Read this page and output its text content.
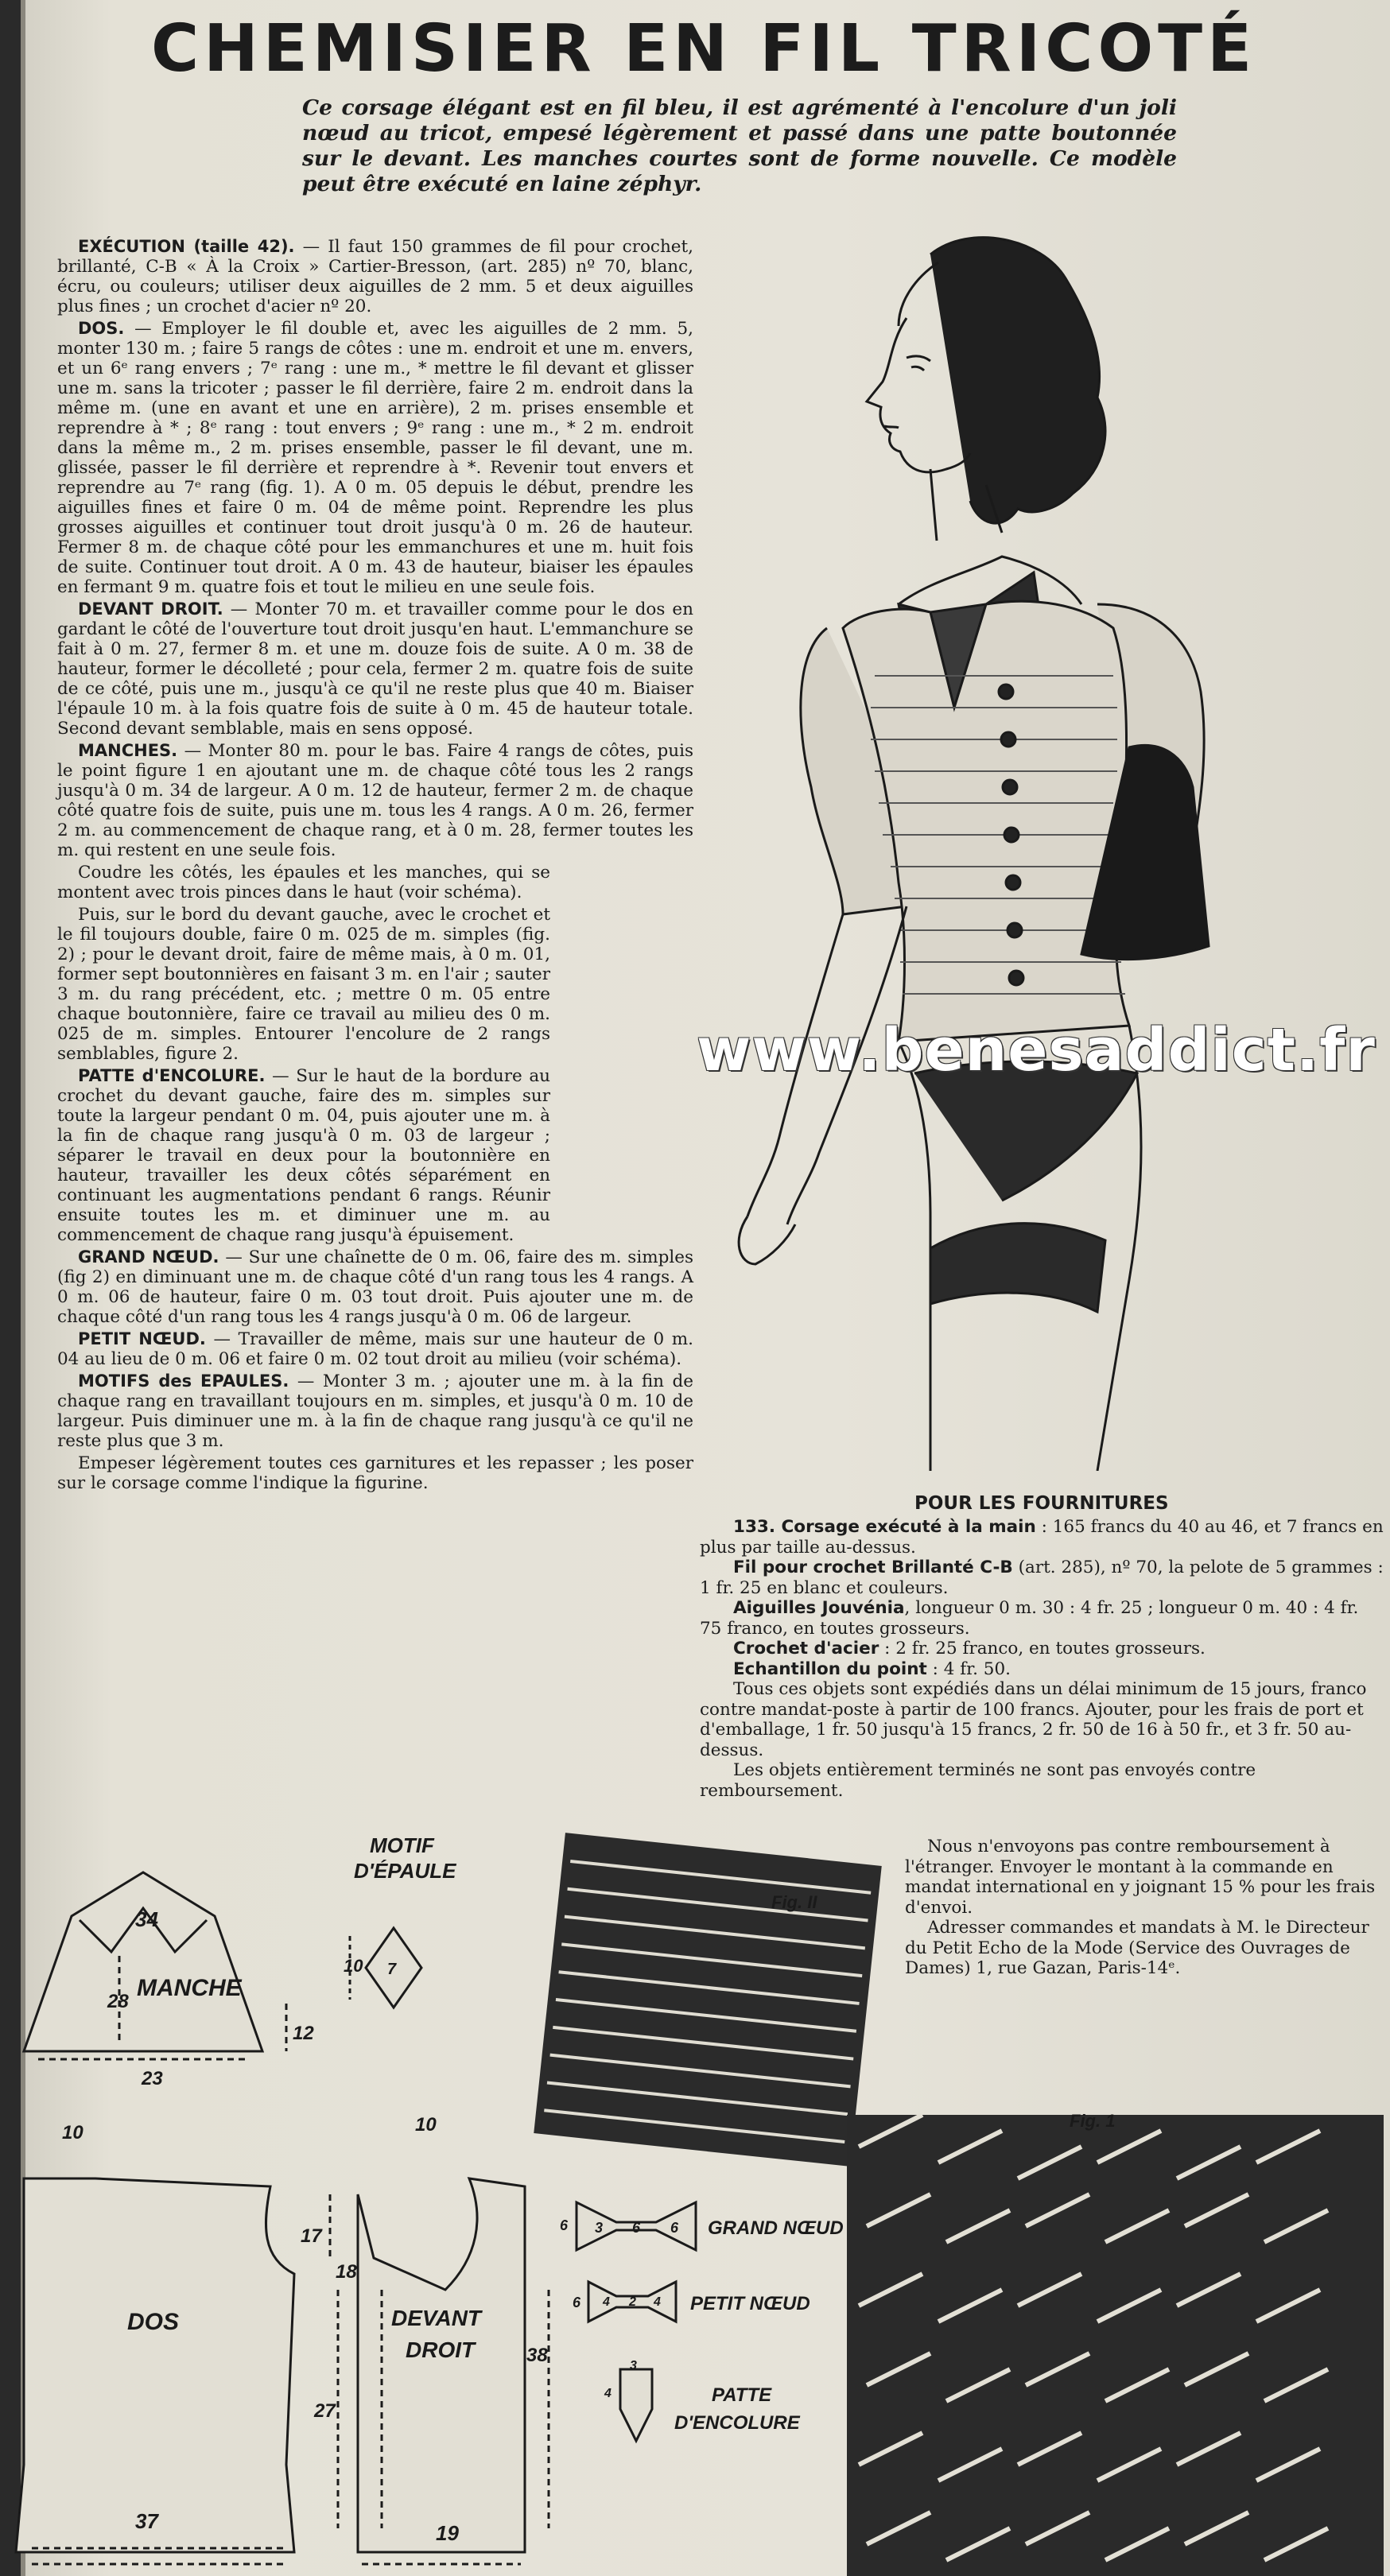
CHEMISIER EN FIL TRICOTÉ
Ce corsage élégant est en fil bleu, il est agrémenté à l'encolure d'un joli nœud au tricot, empesé légèrement et passé dans une patte boutonnée sur le devant. Les manches courtes sont de forme nouvelle. Ce modèle peut être exécuté en laine zéphyr.

EXÉCUTION (taille 42). — Il faut 150 grammes de fil pour crochet, brillanté, C-B « À la Croix » Cartier-Bresson, (art. 285) nº 70, blanc, écru, ou couleurs; utiliser deux aiguilles de 2 mm. 5 et deux aiguilles plus fines ; un crochet d'acier nº 20.

DOS. — Employer le fil double et, avec les aiguilles de 2 mm. 5, monter 130 m. ; faire 5 rangs de côtes : une m. endroit et une m. envers, et un 6ᵉ rang envers ; 7ᵉ rang : une m., * mettre le fil devant et glisser une m. sans la tricoter ; passer le fil derrière, faire 2 m. endroit dans la même m. (une en avant et une en arrière), 2 m. prises ensemble et reprendre à * ; 8ᵉ rang : tout envers ; 9ᵉ rang : une m., * 2 m. endroit dans la même m., 2 m. prises ensemble, passer le fil devant, une m. glissée, passer le fil derrière et reprendre à *. Revenir tout envers et reprendre au 7ᵉ rang (fig. 1). A 0 m. 05 depuis le début, prendre les aiguilles fines et faire 0 m. 04 de même point. Reprendre les plus grosses aiguilles et continuer tout droit jusqu'à 0 m. 26 de hauteur. Fermer 8 m. de chaque côté pour les emmanchures et une m. huit fois de suite. Continuer tout droit. A 0 m. 43 de hauteur, biaiser les épaules en fermant 9 m. quatre fois et tout le milieu en une seule fois.

DEVANT DROIT. — Monter 70 m. et travailler comme pour le dos en gardant le côté de l'ouverture tout droit jusqu'en haut. L'emmanchure se fait à 0 m. 27, fermer 8 m. et une m. douze fois de suite. A 0 m. 38 de hauteur, former le décolleté ; pour cela, fermer 2 m. quatre fois de suite de ce côté, puis une m., jusqu'à ce qu'il ne reste plus que 40 m. Biaiser l'épaule 10 m. à la fois quatre fois de suite à 0 m. 45 de hauteur totale. Second devant semblable, mais en sens opposé.

MANCHES. — Monter 80 m. pour le bas. Faire 4 rangs de côtes, puis le point figure 1 en ajoutant une m. de chaque côté tous les 2 rangs jusqu'à 0 m. 34 de largeur. A 0 m. 12 de hauteur, fermer 2 m. de chaque côté quatre fois de suite, puis une m. tous les 4 rangs. A 0 m. 26, fermer 2 m. au commencement de chaque rang, et à 0 m. 28, fermer toutes les m. qui restent en une seule fois.

Coudre les côtés, les épaules et les manches, qui se montent avec trois pinces dans le haut (voir schéma).

Puis, sur le bord du devant gauche, avec le crochet et le fil toujours double, faire 0 m. 025 de m. simples (fig. 2) ; pour le devant droit, faire de même mais, à 0 m. 01, former sept boutonnières en faisant 3 m. en l'air ; sauter 3 m. du rang précédent, etc. ; mettre 0 m. 05 entre chaque boutonnière, faire ce travail au milieu des 0 m. 025 de m. simples. Entourer l'encolure de 2 rangs semblables, figure 2.

PATTE d'ENCOLURE. — Sur le haut de la bordure au crochet du devant gauche, faire des m. simples sur toute la largeur pendant 0 m. 04, puis ajouter une m. à la fin de chaque rang jusqu'à 0 m. 03 de largeur ; séparer le travail en deux pour la boutonnière en hauteur, travailler les deux côtés séparément en continuant les augmentations pendant 6 rangs. Réunir ensuite toutes les m. et diminuer une m. au commencement de chaque rang jusqu'à épuisement.

GRAND NŒUD. — Sur une chaînette de 0 m. 06, faire des m. simples (fig 2) en diminuant une m. de chaque côté d'un rang tous les 4 rangs. A 0 m. 06 de hauteur, faire 0 m. 03 tout droit. Puis ajouter une m. de chaque côté d'un rang tous les 4 rangs jusqu'à 0 m. 06 de largeur.

PETIT NŒUD. — Travailler de même, mais sur une hauteur de 0 m. 04 au lieu de 0 m. 06 et faire 0 m. 02 tout droit au milieu (voir schéma).

MOTIFS des EPAULES. — Monter 3 m. ; ajouter une m. à la fin de chaque rang en travaillant toujours en m. simples, et jusqu'à 0 m. 10 de largeur. Puis diminuer une m. à la fin de chaque rang jusqu'à ce qu'il ne reste plus que 3 m.

Empeser légèrement toutes ces garnitures et les repasser ; les poser sur le corsage comme l'indique la figurine.

www.benesaddict.fr
POUR LES FOURNITURES

133. Corsage exécuté à la main : 165 francs du 40 au 46, et 7 francs en plus par taille au-dessus.

Fil pour crochet Brillanté C-B (art. 285), nº 70, la pelote de 5 grammes : 1 fr. 25 en blanc et couleurs.

Aiguilles Jouvénia, longueur 0 m. 30 : 4 fr. 25 ; longueur 0 m. 40 : 4 fr. 75 franco, en toutes grosseurs.

Crochet d'acier : 2 fr. 25 franco, en toutes grosseurs.

Echantillon du point : 4 fr. 50.

Tous ces objets sont expédiés dans un délai minimum de 15 jours, franco contre mandat-poste à partir de 100 francs. Ajouter, pour les frais de port et d'emballage, 1 fr. 50 jusqu'à 15 francs, 2 fr. 50 de 16 à 50 fr., et 3 fr. 50 au-dessus.

Les objets entièrement terminés ne sont pas envoyés contre remboursement.

Nous n'envoyons pas contre remboursement à l'étranger. Envoyer le montant à la commande en mandat international en y joignant 15 % pour les frais d'envoi.

Adresser commandes et mandats à M. le Directeur du Petit Echo de la Mode (Service des Ouvrages de Dames) 1, rue Gazan, Paris-14ᵉ.

MOTIF
D'ÉPAULE
10 7
MANCHE
34
28
12
23
Fig. II
Fig. 1
DOS
10
17
27
37
DEVANT
DROIT
10
18
38
19
GRAND NŒUD
6 3 6 6
PETIT NŒUD
6 4 2 4
PATTE
D'ENCOLURE
4
3
